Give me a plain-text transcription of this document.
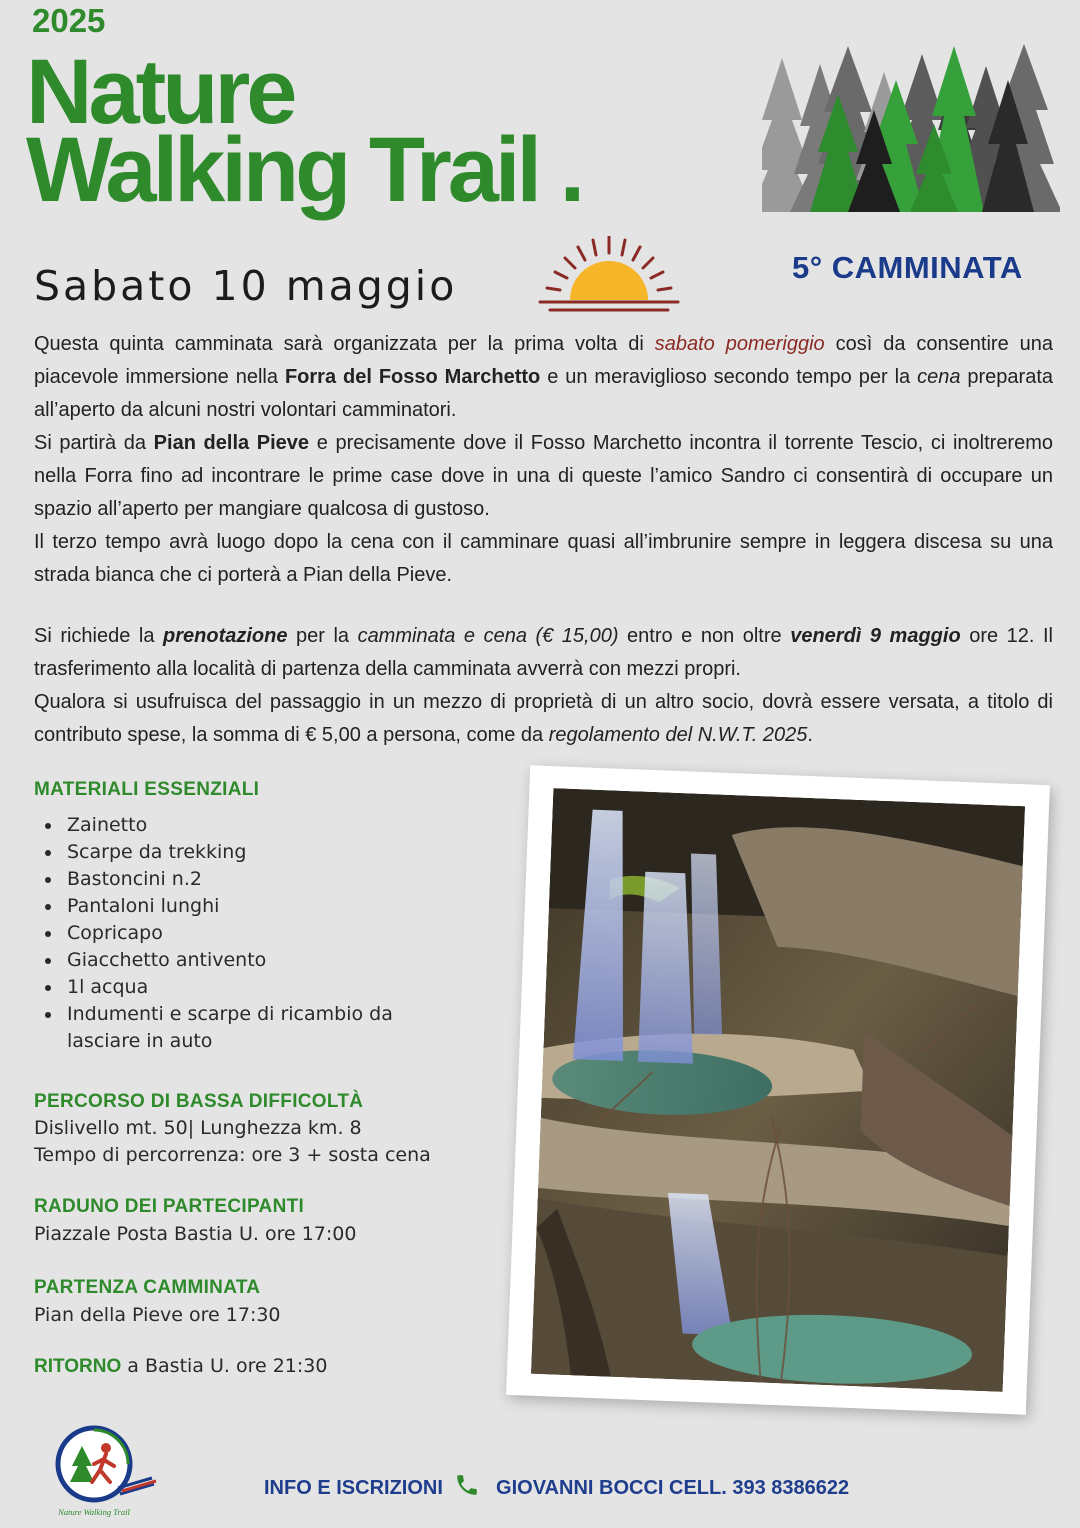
2025
Nature
Walking Trail .
Sabato 10 maggio	5° CAMMINATA
Questa quinta camminata sarà organizzata per la prima volta di sabato pomeriggio così da consentire una piacevole immersione nella Forra del Fosso Marchetto e un meraviglioso secondo tempo per la cena preparata all’aperto da alcuni nostri volontari camminatori.
Si partirà da Pian della Pieve e precisamente dove il Fosso Marchetto incontra il torrente Tescio, ci inoltreremo nella Forra fino ad incontrare le prime case dove in una di queste l’amico Sandro ci consentirà di occupare un spazio all’aperto per mangiare qualcosa di gustoso.
Il terzo tempo avrà luogo dopo la cena con il camminare quasi all’imbrunire sempre in leggera discesa su una strada bianca che ci porterà a Pian della Pieve.
Si richiede la prenotazione per la camminata e cena (€ 15,00) entro e non oltre venerdì 9 maggio ore 12. Il trasferimento alla località di partenza della camminata avverrà con mezzi propri.
Qualora si usufruisca del passaggio in un mezzo di proprietà di un altro socio, dovrà essere versata, a titolo di contributo spese, la somma di € 5,00 a persona, come da regolamento del N.W.T. 2025.
MATERIALI ESSENZIALI
Zainetto
Scarpe da trekking
Bastoncini n.2
Pantaloni lunghi
Copricapo
Giacchetto antivento
1l acqua
Indumenti e scarpe di ricambio da lasciare in auto
PERCORSO DI BASSA DIFFICOLTÀ
Dislivello mt. 50| Lunghezza km. 8
Tempo di percorrenza: ore 3 + sosta cena
RADUNO DEI PARTECIPANTI
Piazzale Posta Bastia U. ore 17:00
PARTENZA CAMMINATA
Pian della Pieve ore 17:30
RITORNO a Bastia U. ore 21:30
Nature Walking Trail
INFO E ISCRIZIONI	GIOVANNI BOCCI CELL. 393 8386622
